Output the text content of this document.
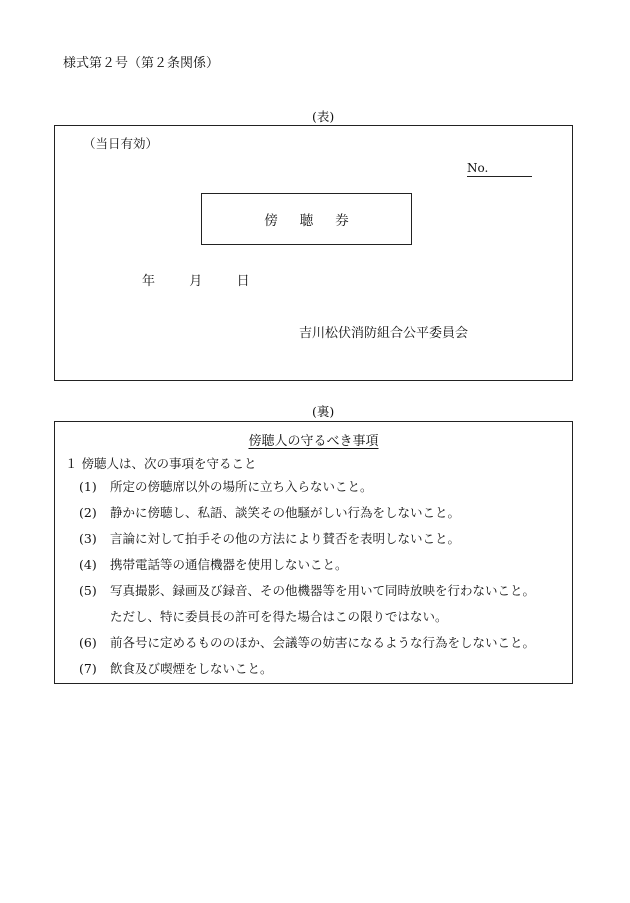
様式第２号（第２条関係）
(表)
（当日有効）
No.
傍聴券
年	月	日
吉川松伏消防組合公平委員会
(裏)
傍聴人の守るべき事項
１ 傍聴人は、次の事項を守ること
(1) 所定の傍聴席以外の場所に立ち入らないこと。
(2) 静かに傍聴し、私語、談笑その他騒がしい行為をしないこと。
(3) 言論に対して拍手その他の方法により賛否を表明しないこと。
(4) 携帯電話等の通信機器を使用しないこと。
(5) 写真撮影、録画及び録音、その他機器等を用いて同時放映を行わないこと。
ただし、特に委員長の許可を得た場合はこの限りではない。
(6) 前各号に定めるもののほか、会議等の妨害になるような行為をしないこと。
(7) 飲食及び喫煙をしないこと。
